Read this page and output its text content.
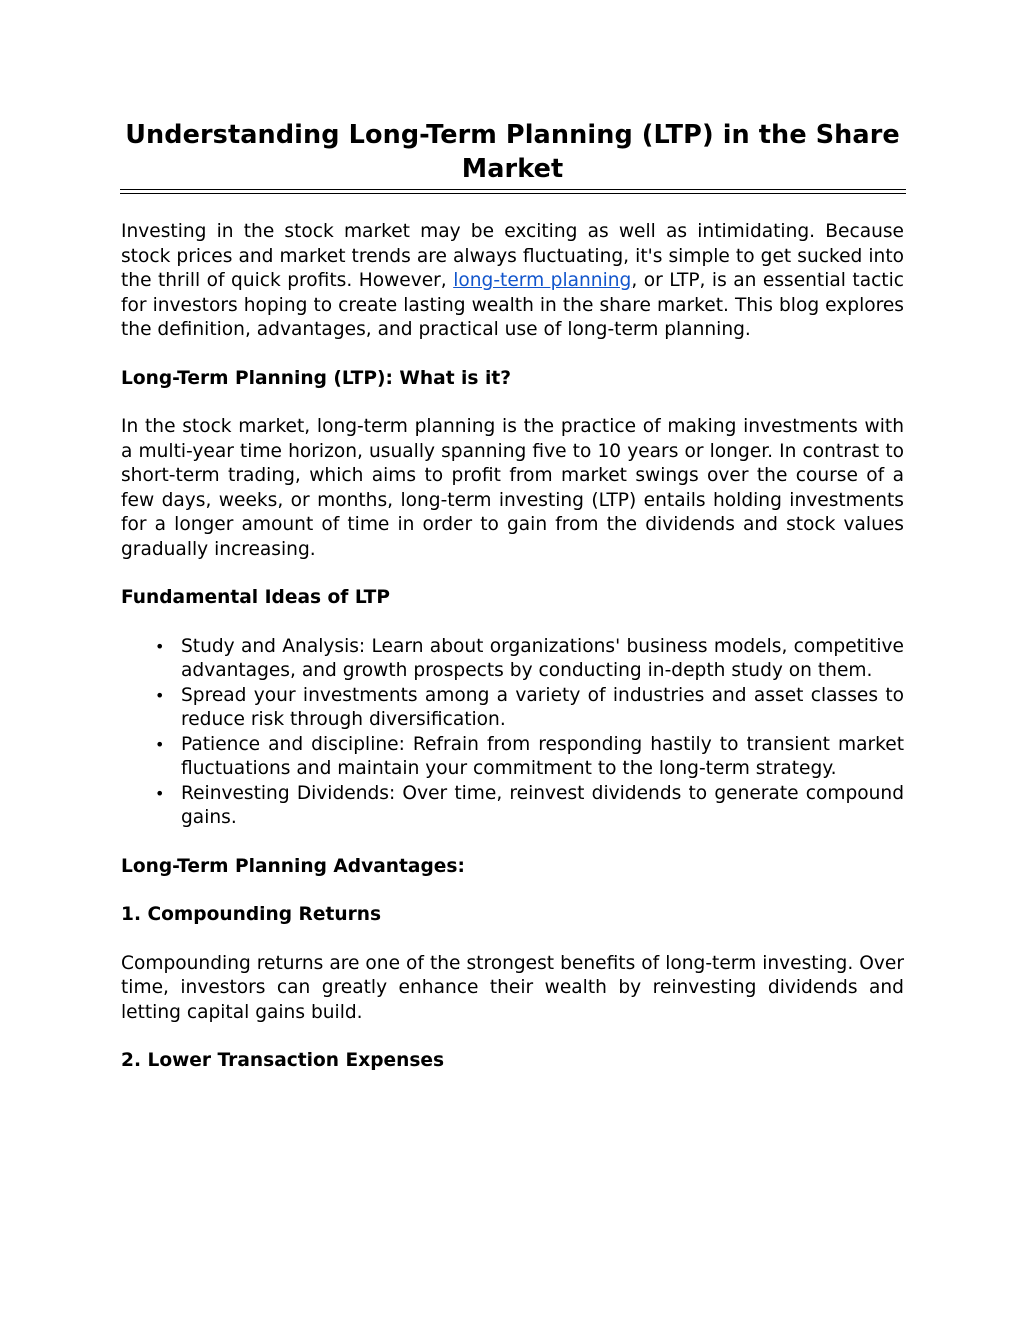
Understanding Long-Term Planning (LTP) in the Share Market

Investing in the stock market may be exciting as well as intimidating. Because stock prices and market trends are always fluctuating, it's simple to get sucked into the thrill of quick profits. However, long-term planning, or LTP, is an essential tactic for investors hoping to create lasting wealth in the share market. This blog explores the definition, advantages, and practical use of long-term planning.

Long-Term Planning (LTP): What is it?

In the stock market, long-term planning is the practice of making investments with a multi-year time horizon, usually spanning five to 10 years or longer. In contrast to short-term trading, which aims to profit from market swings over the course of a few days, weeks, or months, long-term investing (LTP) entails holding investments for a longer amount of time in order to gain from the dividends and stock values gradually increasing.

Fundamental Ideas of LTP
• Study and Analysis: Learn about organizations' business models, competitive advantages, and growth prospects by conducting in-depth study on them.
• Spread your investments among a variety of industries and asset classes to reduce risk through diversification.
• Patience and discipline: Refrain from responding hastily to transient market fluctuations and maintain your commitment to the long-term strategy.
• Reinvesting Dividends: Over time, reinvest dividends to generate compound gains.
Long-Term Planning Advantages:
1. Compounding Returns

Compounding returns are one of the strongest benefits of long-term investing. Over time, investors can greatly enhance their wealth by reinvesting dividends and letting capital gains build.

2. Lower Transaction Expenses
